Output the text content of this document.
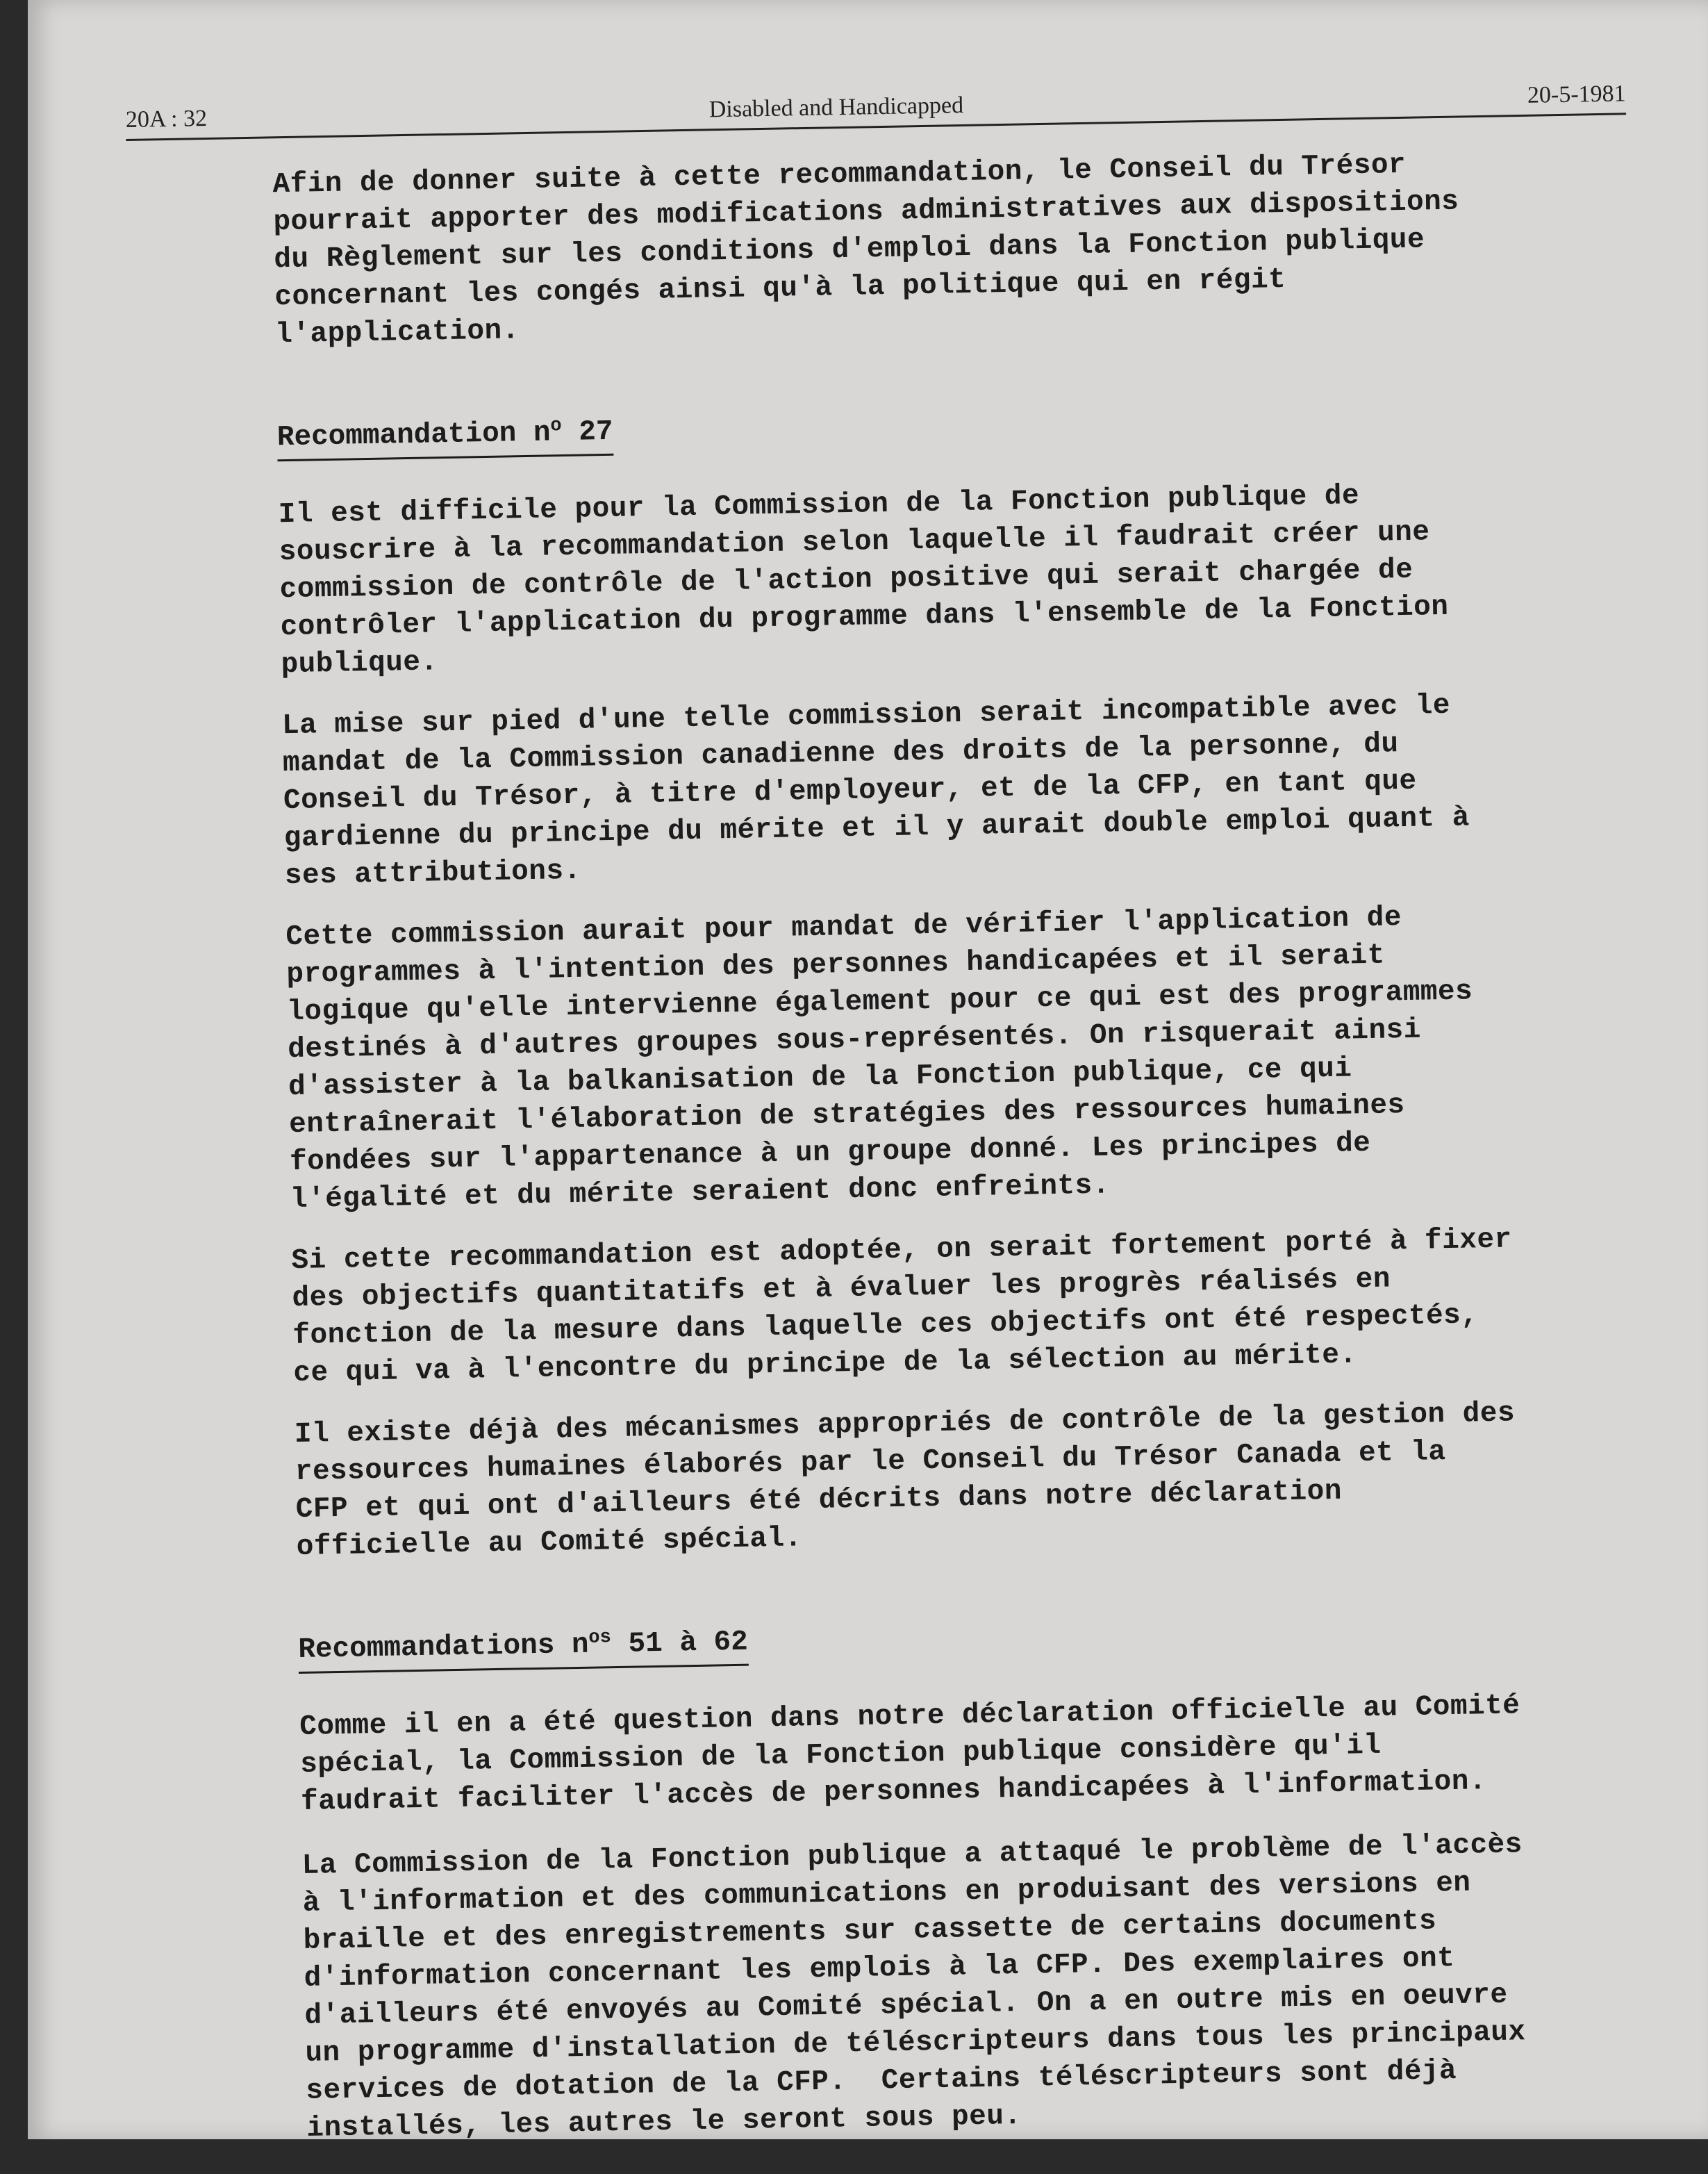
20A : 32	Disabled and Handicapped	20-5-1981
Afin de donner suite à cette recommandation, le Conseil du Trésor
pourrait apporter des modifications administratives aux dispositions
du Règlement sur les conditions d'emploi dans la Fonction publique
concernant les congés ainsi qu'à la politique qui en régit
l'application.
Recommandation $n^o$ 27
Il est difficile pour la Commission de la Fonction publique de
souscrire à la recommandation selon laquelle il faudrait créer une
commission de contrôle de l'action positive qui serait chargée de
contrôler l'application du programme dans l'ensemble de la Fonction
publique.
La mise sur pied d'une telle commission serait incompatible avec le
mandat de la Commission canadienne des droits de la personne, du
Conseil du Trésor, à titre d'employeur, et de la CFP, en tant que
gardienne du principe du mérite et il y aurait double emploi quant à
ses attributions.
Cette commission aurait pour mandat de vérifier l'application de
programmes à l'intention des personnes handicapées et il serait
logique qu'elle intervienne également pour ce qui est des programmes
destinés à d'autres groupes sous-représentés. On risquerait ainsi
d'assister à la balkanisation de la Fonction publique, ce qui
entraînerait l'élaboration de stratégies des ressources humaines
fondées sur l'appartenance à un groupe donné. Les principes de
l'égalité et du mérite seraient donc enfreints.
Si cette recommandation est adoptée, on serait fortement porté à fixer
des objectifs quantitatifs et à évaluer les progrès réalisés en
fonction de la mesure dans laquelle ces objectifs ont été respectés,
ce qui va à l'encontre du principe de la sélection au mérite.
Il existe déjà des mécanismes appropriés de contrôle de la gestion des
ressources humaines élaborés par le Conseil du Trésor Canada et la
CFP et qui ont d'ailleurs été décrits dans notre déclaration
officielle au Comité spécial.
Recommandations $n^{os}$ 51 à 62
Comme il en a été question dans notre déclaration officielle au Comité
spécial, la Commission de la Fonction publique considère qu'il
faudrait faciliter l'accès de personnes handicapées à l'information.
La Commission de la Fonction publique a attaqué le problème de l'accès
à l'information et des communications en produisant des versions en
braille et des enregistrements sur cassette de certains documents
d'information concernant les emplois à la CFP. Des exemplaires ont
d'ailleurs été envoyés au Comité spécial. On a en outre mis en oeuvre
un programme d'installation de téléscripteurs dans tous les principaux
services de dotation de la CFP.  Certains téléscripteurs sont déjà
installés, les autres le seront sous peu.
